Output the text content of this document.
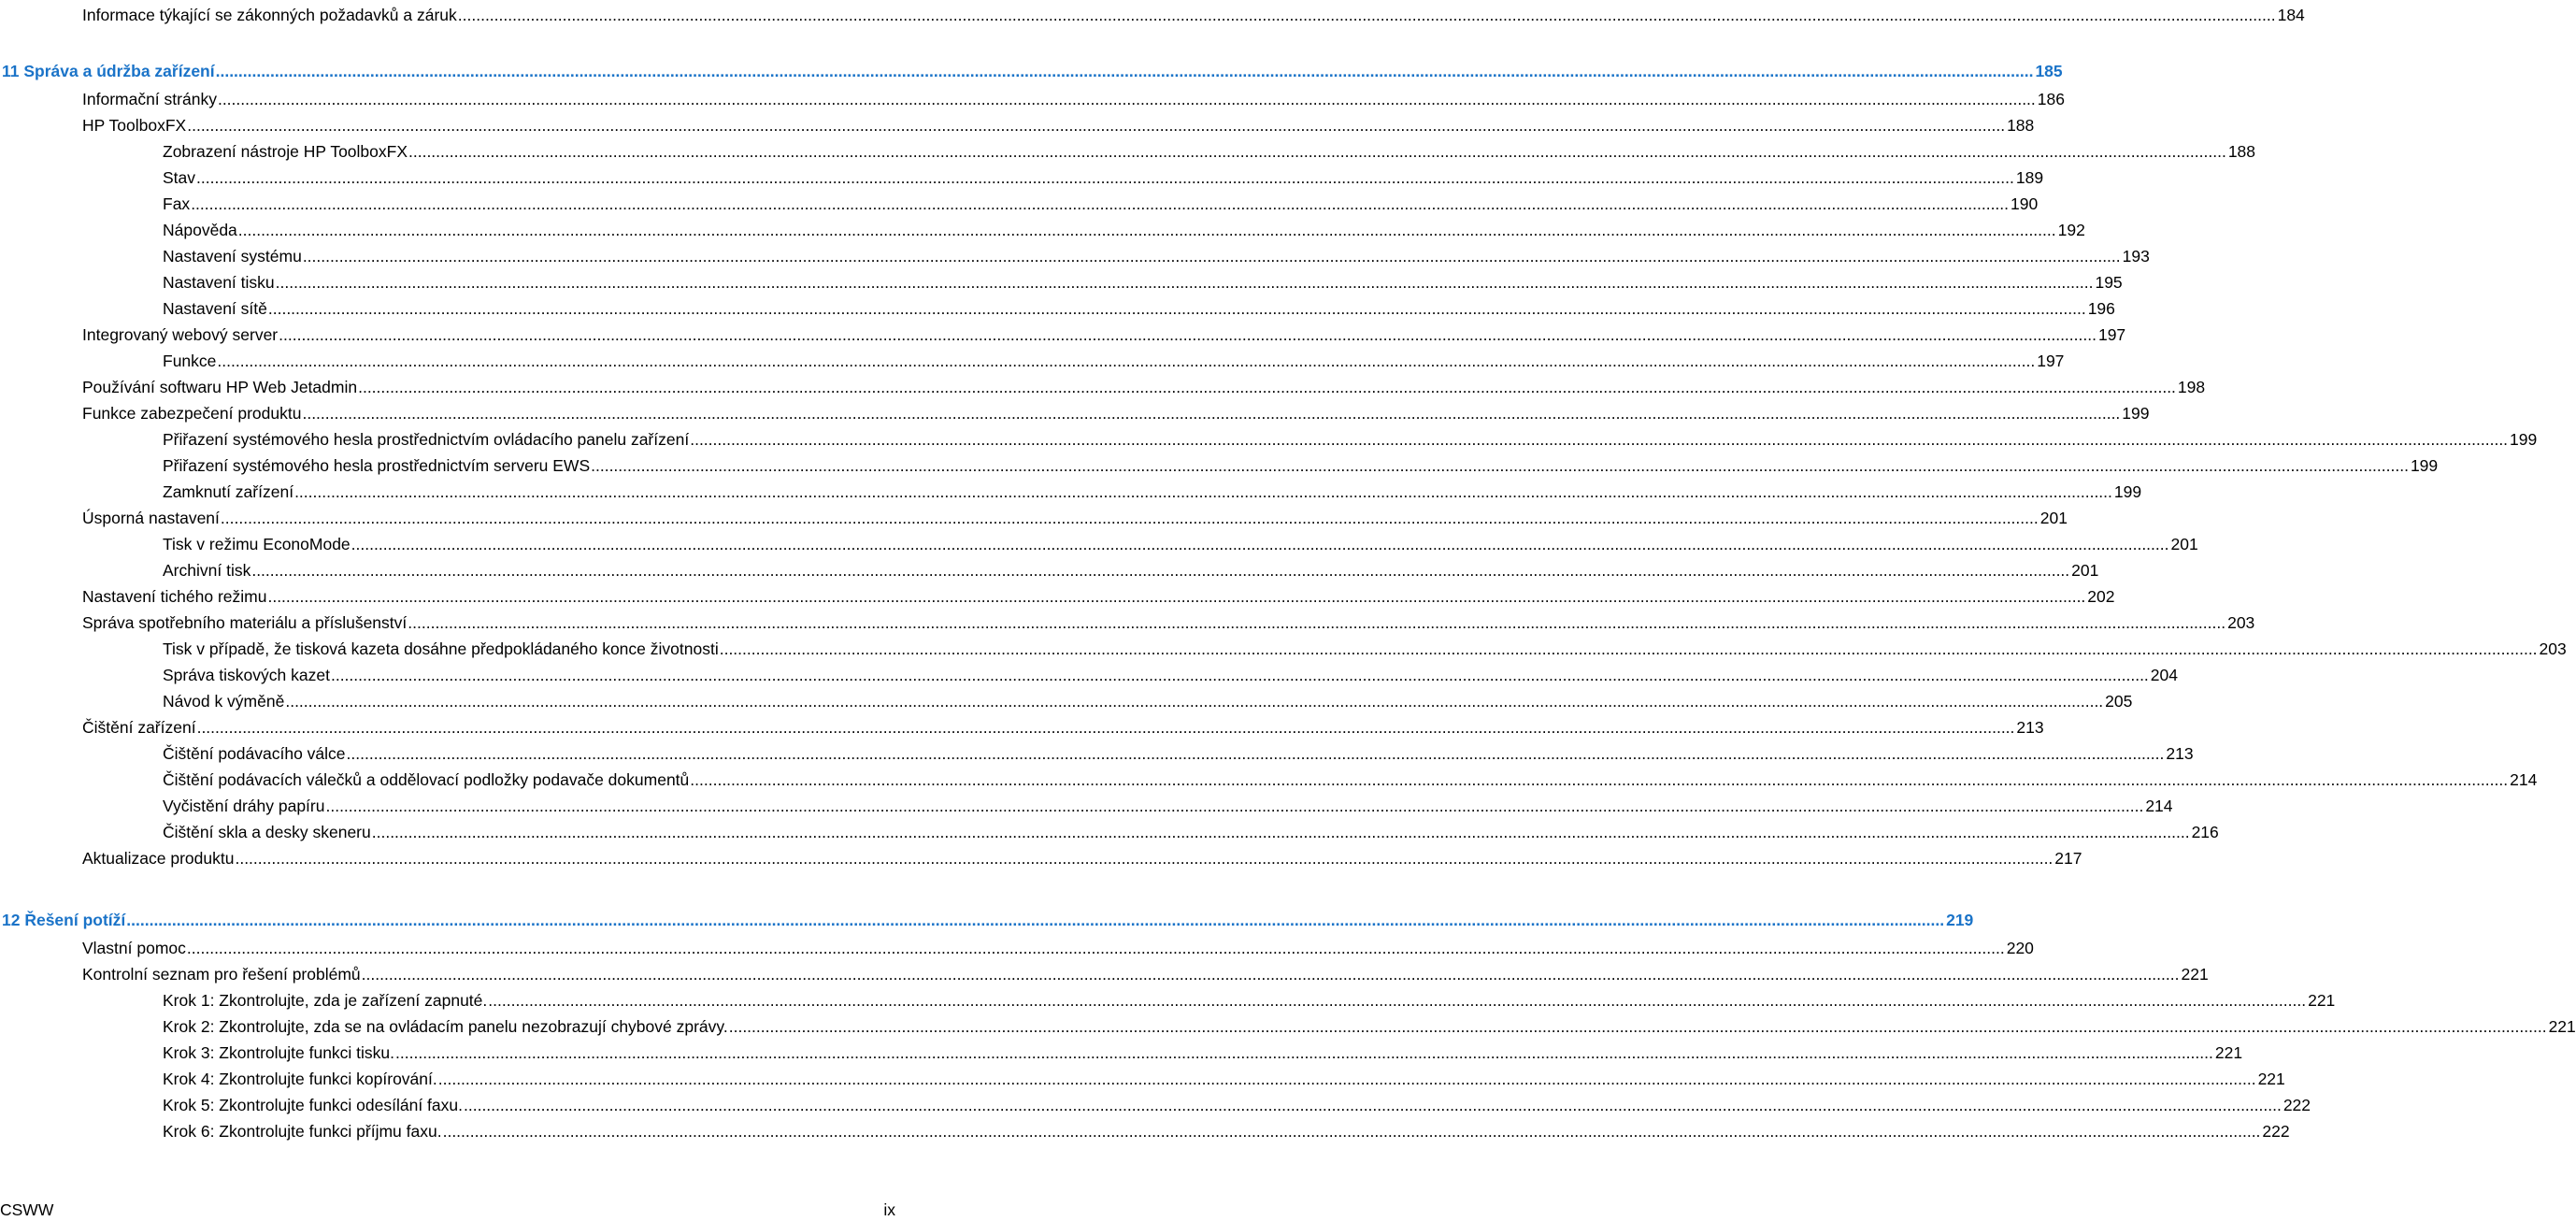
Informace týkající se zákonných požadavků a záruk ................................................................................................................................................................................................................................................................................................................................................................................................................ 184
11 Správa a údržba zařízení ................................................................................................................................................................................................................................................................................................................................................................................................................ 185
Informační stránky ................................................................................................................................................................................................................................................................................................................................................................................................................ 186
HP ToolboxFX ................................................................................................................................................................................................................................................................................................................................................................................................................ 188
Zobrazení nástroje HP ToolboxFX ................................................................................................................................................................................................................................................................................................................................................................................................................ 188
Stav ................................................................................................................................................................................................................................................................................................................................................................................................................ 189
Fax ................................................................................................................................................................................................................................................................................................................................................................................................................ 190
Nápověda ................................................................................................................................................................................................................................................................................................................................................................................................................ 192
Nastavení systému ................................................................................................................................................................................................................................................................................................................................................................................................................ 193
Nastavení tisku ................................................................................................................................................................................................................................................................................................................................................................................................................ 195
Nastavení sítě ................................................................................................................................................................................................................................................................................................................................................................................................................ 196
Integrovaný webový server ................................................................................................................................................................................................................................................................................................................................................................................................................ 197
Funkce ................................................................................................................................................................................................................................................................................................................................................................................................................ 197
Používání softwaru HP Web Jetadmin ................................................................................................................................................................................................................................................................................................................................................................................................................ 198
Funkce zabezpečení produktu ................................................................................................................................................................................................................................................................................................................................................................................................................ 199
Přiřazení systémového hesla prostřednictvím ovládacího panelu zařízení ................................................................................................................................................................................................................................................................................................................................................................................................................ 199
Přiřazení systémového hesla prostřednictvím serveru EWS ................................................................................................................................................................................................................................................................................................................................................................................................................ 199
Zamknutí zařízení ................................................................................................................................................................................................................................................................................................................................................................................................................ 199
Úsporná nastavení ................................................................................................................................................................................................................................................................................................................................................................................................................ 201
Tisk v režimu EconoMode ................................................................................................................................................................................................................................................................................................................................................................................................................ 201
Archivní tisk ................................................................................................................................................................................................................................................................................................................................................................................................................ 201
Nastavení tichého režimu ................................................................................................................................................................................................................................................................................................................................................................................................................ 202
Správa spotřebního materiálu a příslušenství ................................................................................................................................................................................................................................................................................................................................................................................................................ 203
Tisk v případě, že tisková kazeta dosáhne předpokládaného konce životnosti ................................................................................................................................................................................................................................................................................................................................................................................................................ 203
Správa tiskových kazet ................................................................................................................................................................................................................................................................................................................................................................................................................ 204
Návod k výměně ................................................................................................................................................................................................................................................................................................................................................................................................................ 205
Čištění zařízení ................................................................................................................................................................................................................................................................................................................................................................................................................ 213
Čištění podávacího válce ................................................................................................................................................................................................................................................................................................................................................................................................................ 213
Čištění podávacích válečků a oddělovací podložky podavače dokumentů ................................................................................................................................................................................................................................................................................................................................................................................................................ 214
Vyčistění dráhy papíru ................................................................................................................................................................................................................................................................................................................................................................................................................ 214
Čištění skla a desky skeneru ................................................................................................................................................................................................................................................................................................................................................................................................................ 216
Aktualizace produktu ................................................................................................................................................................................................................................................................................................................................................................................................................ 217
12 Řešení potíží ................................................................................................................................................................................................................................................................................................................................................................................................................ 219
Vlastní pomoc ................................................................................................................................................................................................................................................................................................................................................................................................................ 220
Kontrolní seznam pro řešení problémů ................................................................................................................................................................................................................................................................................................................................................................................................................ 221
Krok 1: Zkontrolujte, zda je zařízení zapnuté. ................................................................................................................................................................................................................................................................................................................................................................................................................ 221
Krok 2: Zkontrolujte, zda se na ovládacím panelu nezobrazují chybové zprávy. ................................................................................................................................................................................................................................................................................................................................................................................................................ 221
Krok 3: Zkontrolujte funkci tisku. ................................................................................................................................................................................................................................................................................................................................................................................................................ 221
Krok 4: Zkontrolujte funkci kopírování. ................................................................................................................................................................................................................................................................................................................................................................................................................ 221
Krok 5: Zkontrolujte funkci odesílání faxu. ................................................................................................................................................................................................................................................................................................................................................................................................................ 222
Krok 6: Zkontrolujte funkci příjmu faxu. ................................................................................................................................................................................................................................................................................................................................................................................................................ 222
CSWW	ix
